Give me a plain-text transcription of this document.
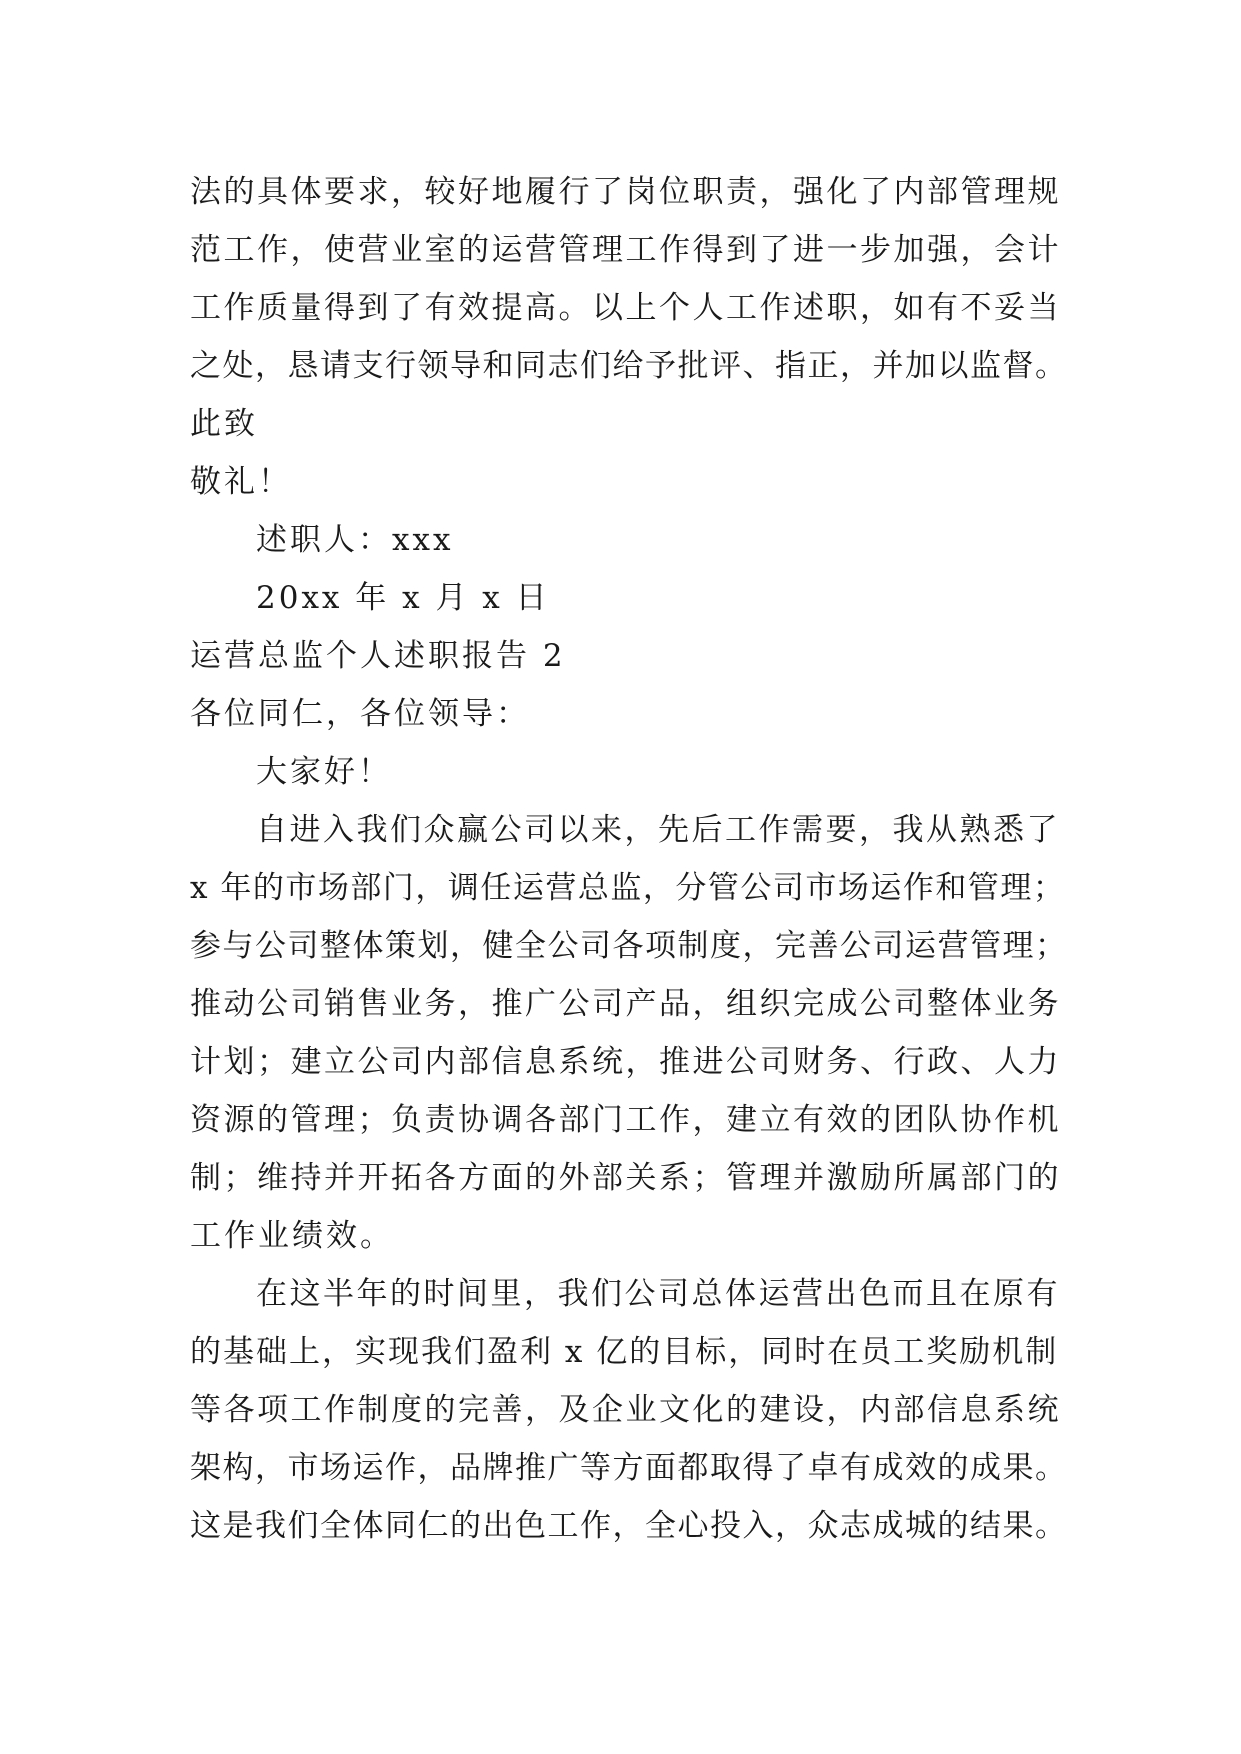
法的具体要求，较好地履行了岗位职责，强化了内部管理规
范工作，使营业室的运营管理工作得到了进一步加强，会计
工作质量得到了有效提高。以上个人工作述职，如有不妥当
之处，恳请支行领导和同志们给予批评、指正，并加以监督。
此致
敬礼！
述职人：xxx
20xx 年 x 月 x 日
运营总监个人述职报告 2
各位同仁，各位领导：
大家好！
自进入我们众赢公司以来，先后工作需要，我从熟悉了
x 年的市场部门，调任运营总监，分管公司市场运作和管理；
参与公司整体策划，健全公司各项制度，完善公司运营管理；
推动公司销售业务，推广公司产品，组织完成公司整体业务
计划；建立公司内部信息系统，推进公司财务、行政、人力
资源的管理；负责协调各部门工作，建立有效的团队协作机
制；维持并开拓各方面的外部关系；管理并激励所属部门的
工作业绩效。
在这半年的时间里，我们公司总体运营出色而且在原有
的基础上，实现我们盈利 x 亿的目标，同时在员工奖励机制
等各项工作制度的完善，及企业文化的建设，内部信息系统
架构，市场运作，品牌推广等方面都取得了卓有成效的成果。
这是我们全体同仁的出色工作，全心投入，众志成城的结果。
